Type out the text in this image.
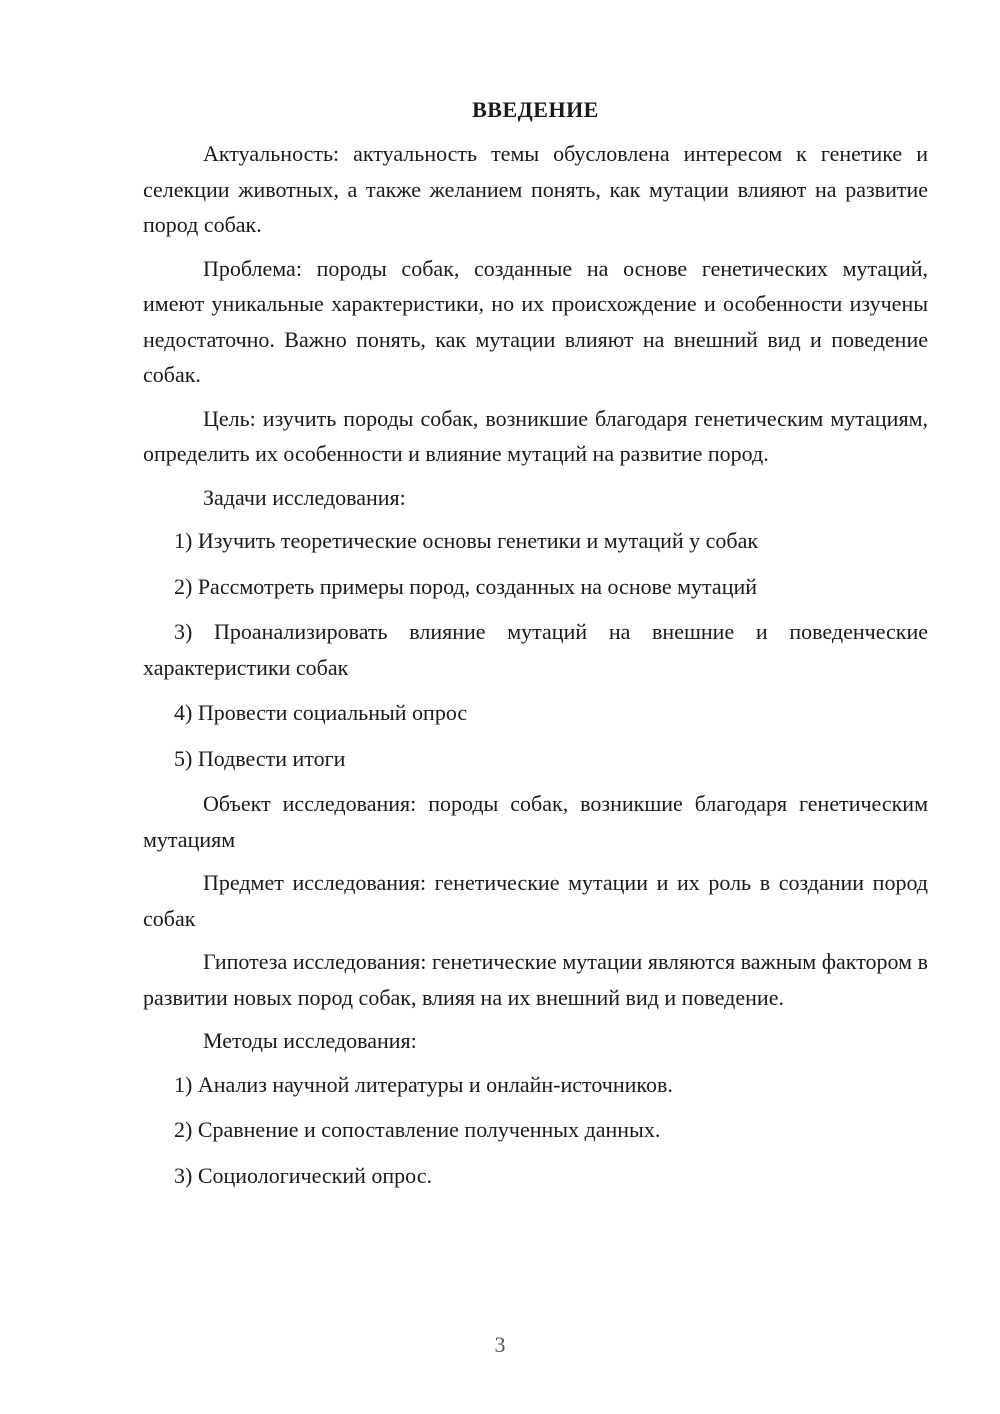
ВВЕДЕНИЕ

Актуальность: актуальность темы обусловлена интересом к генетике и селекции животных, а также желанием понять, как мутации влияют на развитие пород собак.

Проблема: породы собак, созданные на основе генетических мутаций, имеют уникальные характеристики, но их происхождение и особенности изучены недостаточно. Важно понять, как мутации влияют на внешний вид и поведение собак.

Цель: изучить породы собак, возникшие благодаря генетическим мутациям, определить их особенности и влияние мутаций на развитие пород.

Задачи исследования:

1) Изучить теоретические основы генетики и мутаций у собак

2) Рассмотреть примеры пород, созданных на основе мутаций

3) Проанализировать влияние мутаций на внешние и поведенческие характеристики собак

4) Провести социальный опрос

5) Подвести итоги

Объект исследования: породы собак, возникшие благодаря генетическим мутациям

Предмет исследования: генетические мутации и их роль в создании пород собак

Гипотеза исследования: генетические мутации являются важным фактором в развитии новых пород собак, влияя на их внешний вид и поведение.

Методы исследования:

1) Анализ научной литературы и онлайн-источников.

2) Сравнение и сопоставление полученных данных.

3) Социологический опрос.

3
